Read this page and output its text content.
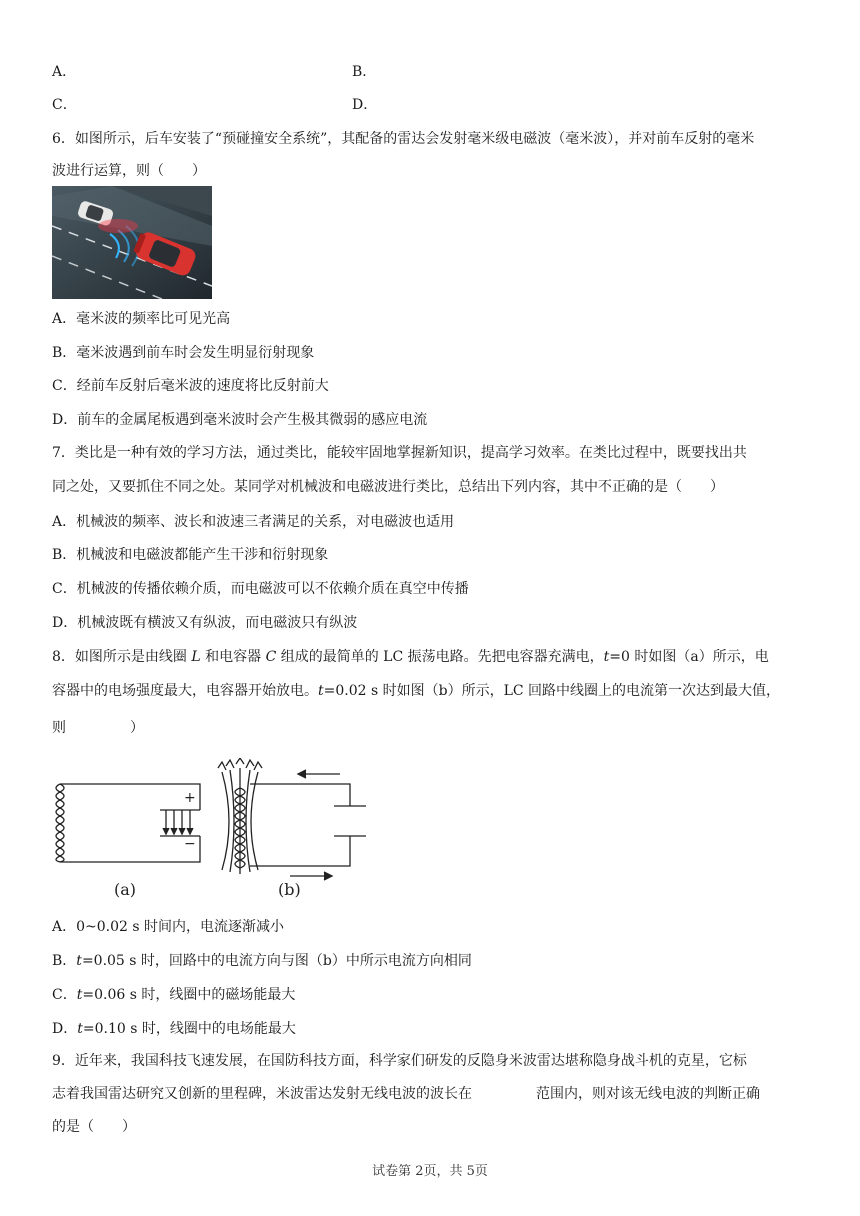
A．	B．
C．	D．
6．如图所示，后车安装了“预碰撞安全系统”，其配备的雷达会发射毫米级电磁波（毫米波），并对前车反射的毫米
波进行运算，则（　　）
A．毫米波的频率比可见光高
B．毫米波遇到前车时会发生明显衍射现象
C．经前车反射后毫米波的速度将比反射前大
D．前车的金属尾板遇到毫米波时会产生极其微弱的感应电流
7．类比是一种有效的学习方法，通过类比，能较牢固地掌握新知识，提高学习效率。在类比过程中，既要找出共
同之处，又要抓住不同之处。某同学对机械波和电磁波进行类比，总结出下列内容，其中不正确的是（　　）
A．机械波的频率、波长和波速三者满足的关系，对电磁波也适用
B．机械波和电磁波都能产生干涉和衍射现象
C．机械波的传播依赖介质，而电磁波可以不依赖介质在真空中传播
D．机械波既有横波又有纵波，而电磁波只有纵波
8．如图所示是由线圈 L 和电容器 C 组成的最简单的 LC 振荡电路。先把电容器充满电，t=0 时如图（a）所示，电
容器中的电场强度最大，电容器开始放电。t=0.02 s 时如图（b）所示，LC 回路中线圈上的电流第一次达到最大值，
则	）
+
−
(a)	(b)
A．0~0.02 s 时间内，电流逐渐减小
B．t=0.05 s 时，回路中的电流方向与图（b）中所示电流方向相同
C．t=0.06 s 时，线圈中的磁场能最大
D．t=0.10 s 时，线圈中的电场能最大
9．近年来，我国科技飞速发展，在国防科技方面，科学家们研发的反隐身米波雷达堪称隐身战斗机的克星，它标
志着我国雷达研究又创新的里程碑，米波雷达发射无线电波的波长在	范围内，则对该无线电波的判断正确
的是（　　）
试卷第 2页，共 5页
